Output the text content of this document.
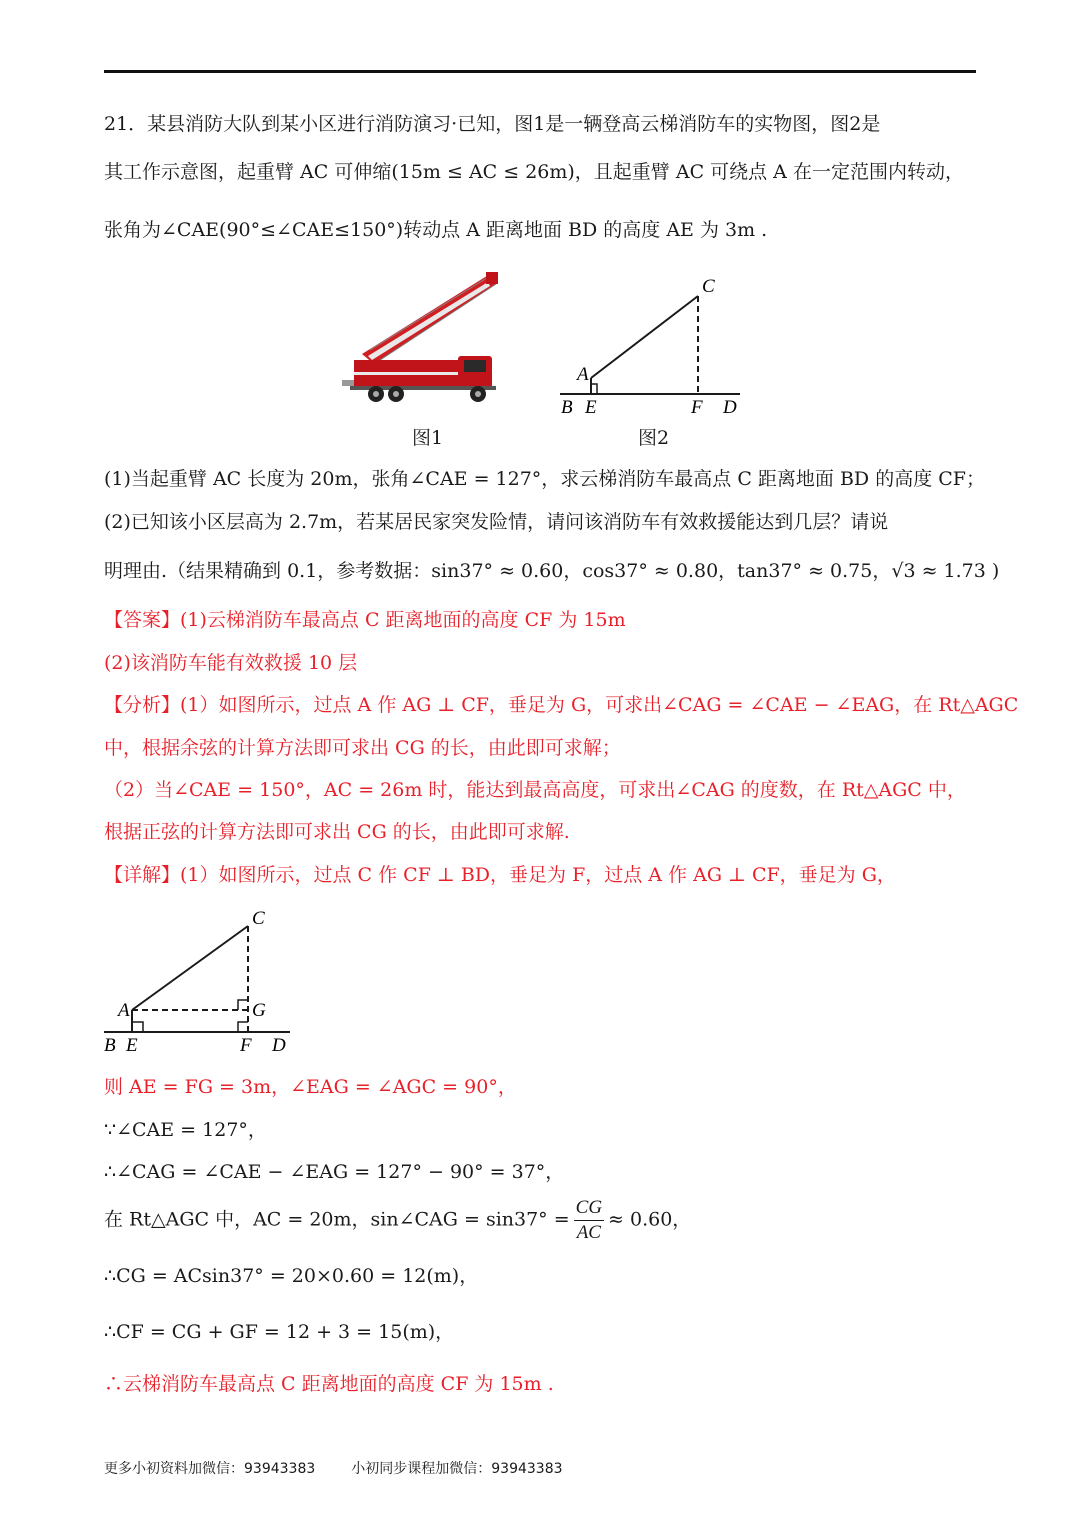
21．某县消防大队到某小区进行消防演习·已知，图1是一辆登高云梯消防车的实物图，图2是
其工作示意图，起重臂 AC 可伸缩(15m ≤ AC ≤ 26m)，且起重臂 AC 可绕点 A 在一定范围内转动，
张角为∠CAE(90°≤∠CAE≤150°)转动点 A 距离地面 BD 的高度 AE 为 3m .
图1
C
A
B E	F D
图2
(1)当起重臂 AC 长度为 20m，张角∠CAE = 127°，求云梯消防车最高点 C 距离地面 BD 的高度 CF；
(2)已知该小区层高为 2.7m，若某居民家突发险情，请问该消防车有效救援能达到几层？请说
明理由.（结果精确到 0.1，参考数据：sin37° ≈ 0.60，cos37° ≈ 0.80，tan37° ≈ 0.75，√3 ≈ 1.73 )
【答案】(1)云梯消防车最高点 C 距离地面的高度 CF 为 15m
(2)该消防车能有效救援 10 层
【分析】(1）如图所示，过点 A 作 AG ⊥ CF，垂足为 G，可求出∠CAG = ∠CAE − ∠EAG，在 Rt△AGC
中，根据余弦的计算方法即可求出 CG 的长，由此即可求解；
（2）当∠CAE = 150°，AC = 26m 时，能达到最高高度，可求出∠CAG 的度数，在 Rt△AGC 中，
根据正弦的计算方法即可求出 CG 的长，由此即可求解.
【详解】(1）如图所示，过点 C 作 CF ⊥ BD，垂足为 F，过点 A 作 AG ⊥ CF，垂足为 G，
C
A	G
B E	F D
则 AE = FG = 3m，∠EAG = ∠AGC = 90°，
∵∠CAE = 127°，
∴∠CAG = ∠CAE − ∠EAG = 127° − 90° = 37°，
在 Rt△AGC 中，AC = 20m，sin∠CAG = $\sin 37^\circ = \frac{CG}{AC} \approx 0.60$，
∴CG = ACsin37° = 20×0.60 = 12(m)，
∴CF = CG + GF = 12 + 3 = 15(m)，
∴云梯消防车最高点 C 距离地面的高度 CF 为 15m .
更多小初资料加微信：93943383	小初同步课程加微信：93943383
